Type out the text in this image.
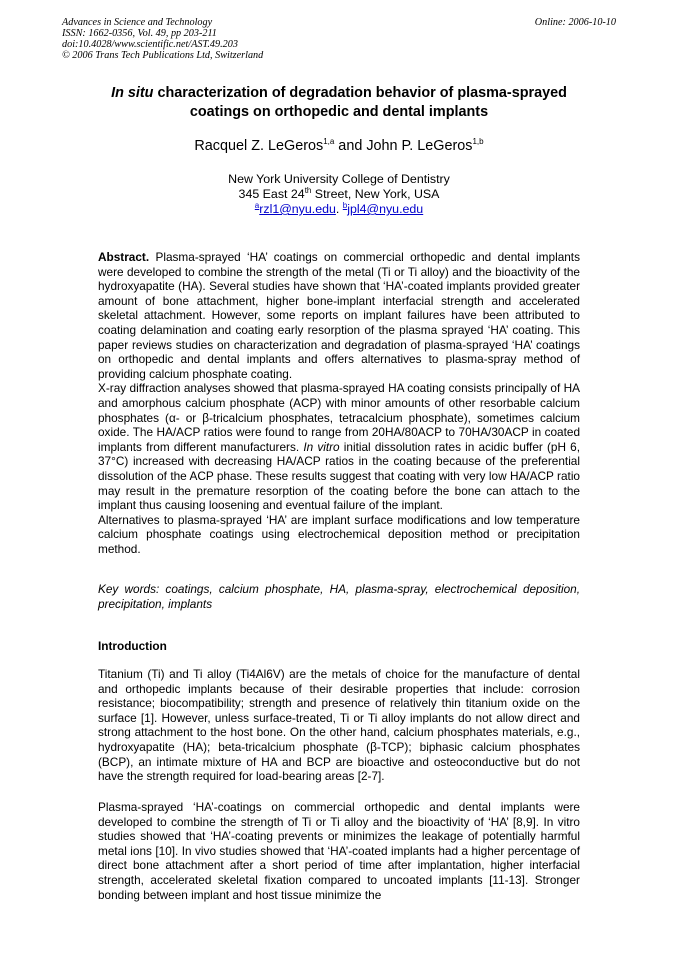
Advances in Science and Technology
ISSN: 1662-0356, Vol. 49, pp 203-211
doi:10.4028/www.scientific.net/AST.49.203
© 2006 Trans Tech Publications Ltd, Switzerland
Online: 2006-10-10
In situ characterization of degradation behavior of plasma-sprayed coatings on orthopedic and dental implants
Racquel Z. LeGeros$^{1,a}$ and John P. LeGeros$^{1,b}$
New York University College of Dentistry
345 East 24th Street, New York, USA
$^a$rzl1@nyu.edu. $^b$jpl4@nyu.edu

Abstract. Plasma-sprayed ‘HA’ coatings on commercial orthopedic and dental implants were developed to combine the strength of the metal (Ti or Ti alloy) and the bioactivity of the hydroxyapatite (HA). Several studies have shown that ‘HA’-coated implants provided greater amount of bone attachment, higher bone-implant interfacial strength and accelerated skeletal attachment. However, some reports on implant failures have been attributed to coating delamination and coating early resorption of the plasma sprayed ‘HA’ coating. This paper reviews studies on characterization and degradation of plasma-sprayed ‘HA’ coatings on orthopedic and dental implants and offers alternatives to plasma-spray method of providing calcium phosphate coating.

X-ray diffraction analyses showed that plasma-sprayed HA coating consists principally of HA and amorphous calcium phosphate (ACP) with minor amounts of other resorbable calcium phosphates (α- or β-tricalcium phosphates, tetracalcium phosphate), sometimes calcium oxide. The HA/ACP ratios were found to range from 20HA/80ACP to 70HA/30ACP in coated implants from different manufacturers. In vitro initial dissolution rates in acidic buffer (pH 6, 37°C) increased with decreasing HA/ACP ratios in the coating because of the preferential dissolution of the ACP phase. These results suggest that coating with very low HA/ACP ratio may result in the premature resorption of the coating before the bone can attach to the implant thus causing loosening and eventual failure of the implant.

Alternatives to plasma-sprayed ‘HA’ are implant surface modifications and low temperature calcium phosphate coatings using electrochemical deposition method or precipitation method.

Key words: coatings, calcium phosphate, HA, plasma-spray, electrochemical deposition, precipitation, implants

Introduction

Titanium (Ti) and Ti alloy (Ti4Al6V) are the metals of choice for the manufacture of dental and orthopedic implants because of their desirable properties that include: corrosion resistance; biocompatibility; strength and presence of relatively thin titanium oxide on the surface [1]. However, unless surface-treated, Ti or Ti alloy implants do not allow direct and strong attachment to the host bone. On the other hand, calcium phosphates materials, e.g., hydroxyapatite (HA); beta-tricalcium phosphate (β-TCP); biphasic calcium phosphates (BCP), an intimate mixture of HA and BCP are bioactive and osteoconductive but do not have the strength required for load-bearing areas [2-7].

Plasma-sprayed ‘HA’-coatings on commercial orthopedic and dental implants were developed to combine the strength of Ti or Ti alloy and the bioactivity of ‘HA’ [8,9]. In vitro studies showed that ‘HA’-coating prevents or minimizes the leakage of potentially harmful metal ions [10]. In vivo studies showed that ‘HA’-coated implants had a higher percentage of direct bone attachment after a short period of time after implantation, higher interfacial strength, accelerated skeletal fixation compared to uncoated implants [11-13]. Stronger bonding between implant and host tissue minimize the
